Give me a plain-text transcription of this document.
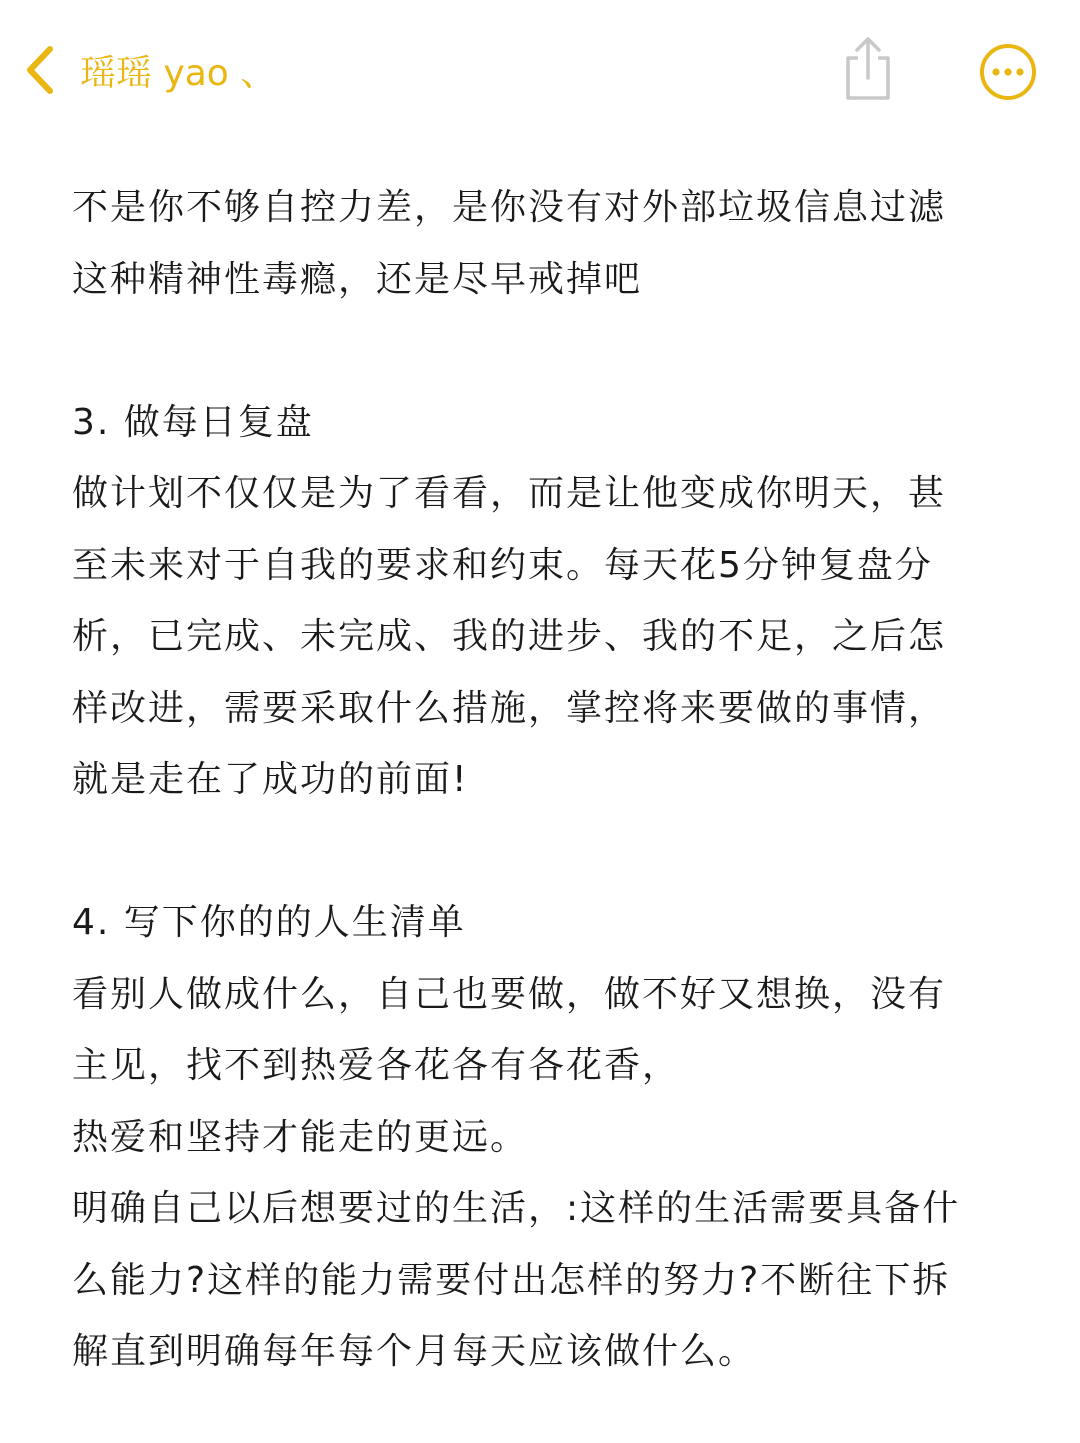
瑶瑶 yao 、

不是你不够自控力差，是你没有对外部垃圾信息过滤

这种精神性毒瘾，还是尽早戒掉吧

3. 做每日复盘

做计划不仅仅是为了看看，而是让他变成你明天，甚

至未来对于自我的要求和约束。每天花5分钟复盘分

析，已完成、未完成、我的进步、我的不足，之后怎

样改进，需要采取什么措施，掌控将来要做的事情，

就是走在了成功的前面!

4. 写下你的的人生清单

看别人做成什么，自己也要做，做不好又想换，没有

主见，找不到热爱各花各有各花香，

热爱和坚持才能走的更远。

明确自己以后想要过的生活，:这样的生活需要具备什

么能力?这样的能力需要付出怎样的努力?不断往下拆

解直到明确每年每个月每天应该做什么。
